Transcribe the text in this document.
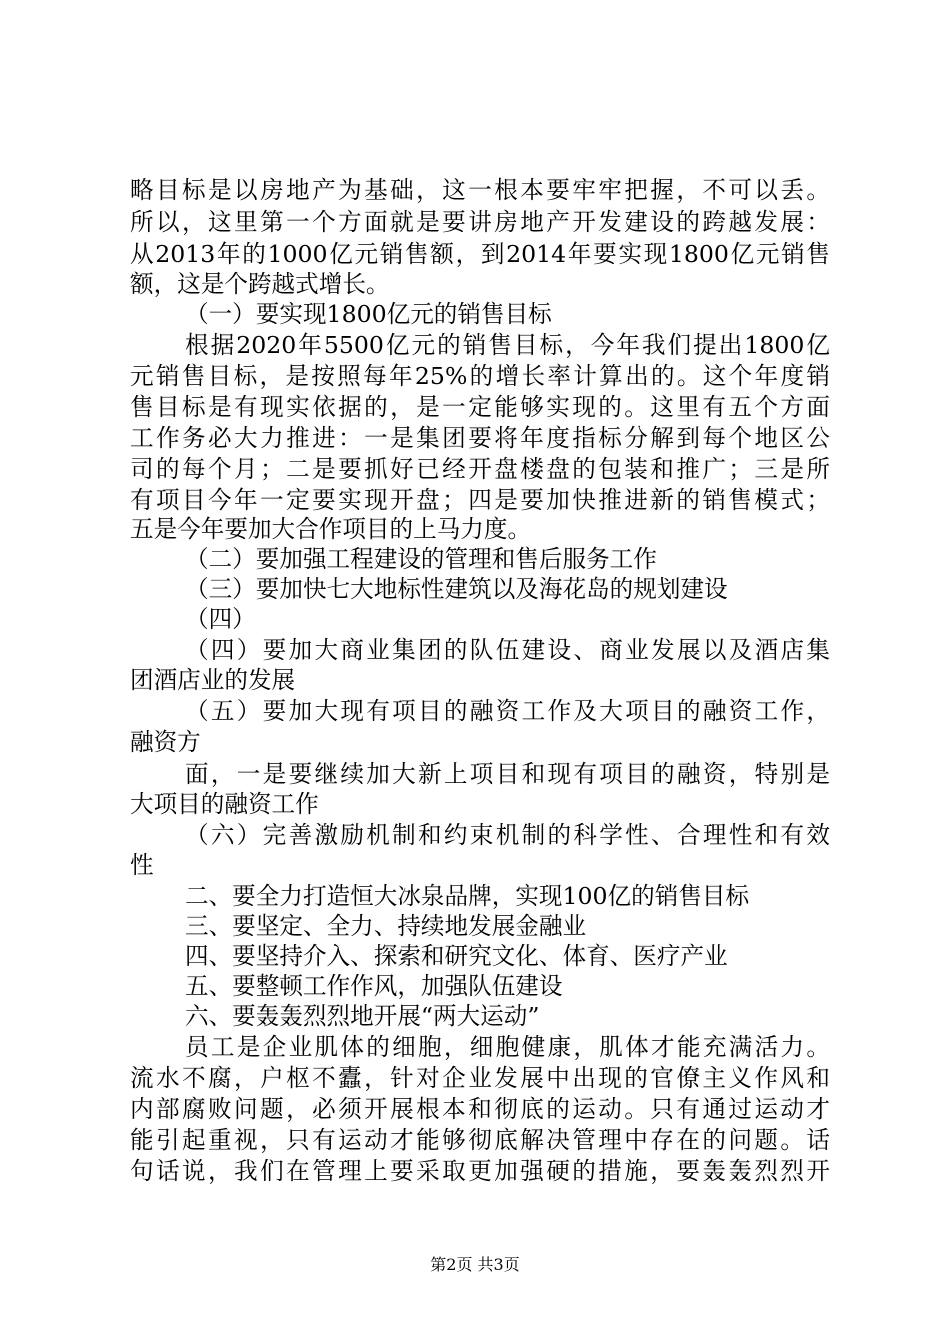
略目标是以房地产为基础，这一根本要牢牢把握，不可以丢。
所以，这里第一个方面就是要讲房地产开发建设的跨越发展：
从2013年的1000亿元销售额，到2014年要实现1800亿元销售
额，这是个跨越式增长。
（一）要实现1800亿元的销售目标
根据2020年5500亿元的销售目标，今年我们提出1800亿
元销售目标，是按照每年25%的增长率计算出的。这个年度销
售目标是有现实依据的，是一定能够实现的。这里有五个方面
工作务必大力推进：一是集团要将年度指标分解到每个地区公
司的每个月；二是要抓好已经开盘楼盘的包装和推广；三是所
有项目今年一定要实现开盘；四是要加快推进新的销售模式；
五是今年要加大合作项目的上马力度。
（二）要加强工程建设的管理和售后服务工作
（三）要加快七大地标性建筑以及海花岛的规划建设
（四）
（四）要加大商业集团的队伍建设、商业发展以及酒店集
团酒店业的发展
（五）要加大现有项目的融资工作及大项目的融资工作，
融资方
面，一是要继续加大新上项目和现有项目的融资，特别是
大项目的融资工作
（六）完善激励机制和约束机制的科学性、合理性和有效
性
二、要全力打造恒大冰泉品牌，实现100亿的销售目标
三、要坚定、全力、持续地发展金融业
四、要坚持介入、探索和研究文化、体育、医疗产业
五、要整顿工作作风，加强队伍建设
六、要轰轰烈烈地开展“两大运动”
员工是企业肌体的细胞，细胞健康，肌体才能充满活力。
流水不腐，户枢不蠹，针对企业发展中出现的官僚主义作风和
内部腐败问题，必须开展根本和彻底的运动。只有通过运动才
能引起重视，只有运动才能够彻底解决管理中存在的问题。话
句话说，我们在管理上要采取更加强硬的措施，要轰轰烈烈开
第2页 共3页
